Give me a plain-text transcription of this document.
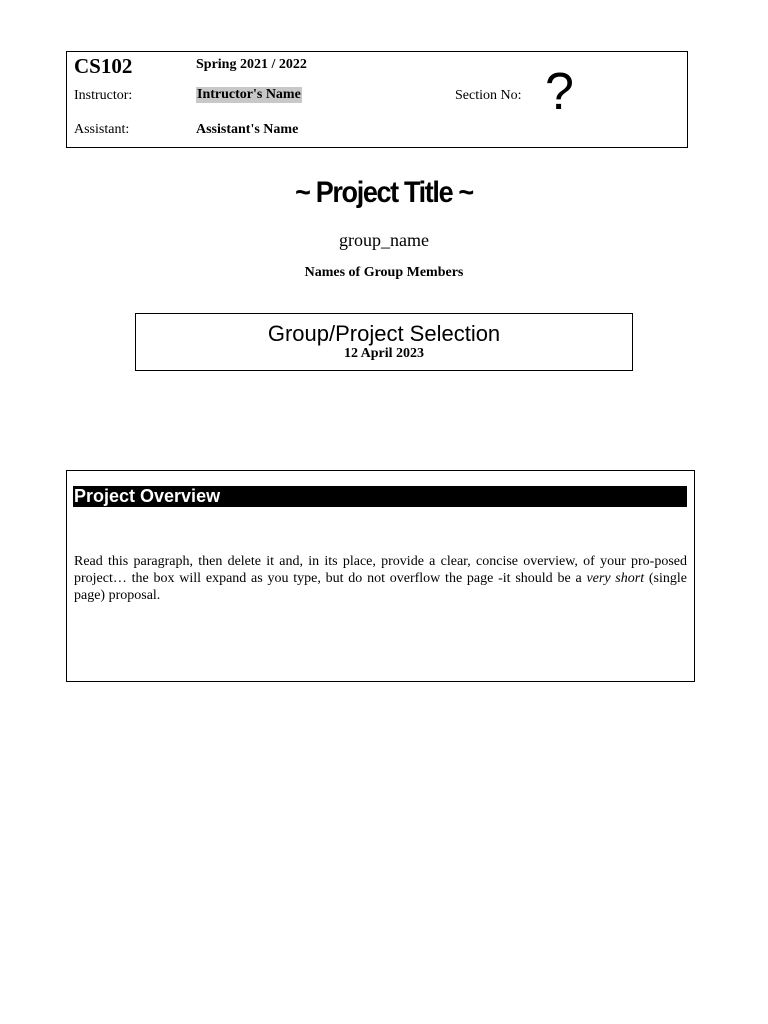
CS102	Spring 2021 / 2022
Instructor:	Intructor's Name	Section No: ?
Assistant:	Assistant's Name
~ Project Title ~
group_name
Names of Group Members
Group/Project Selection
12 April 2023
Project Overview
Read this paragraph, then delete it and, in its place, provide a clear, concise overview, of your pro-posed project… the box will expand as you type, but do not overflow the page -it should be a very short (single page) proposal.
